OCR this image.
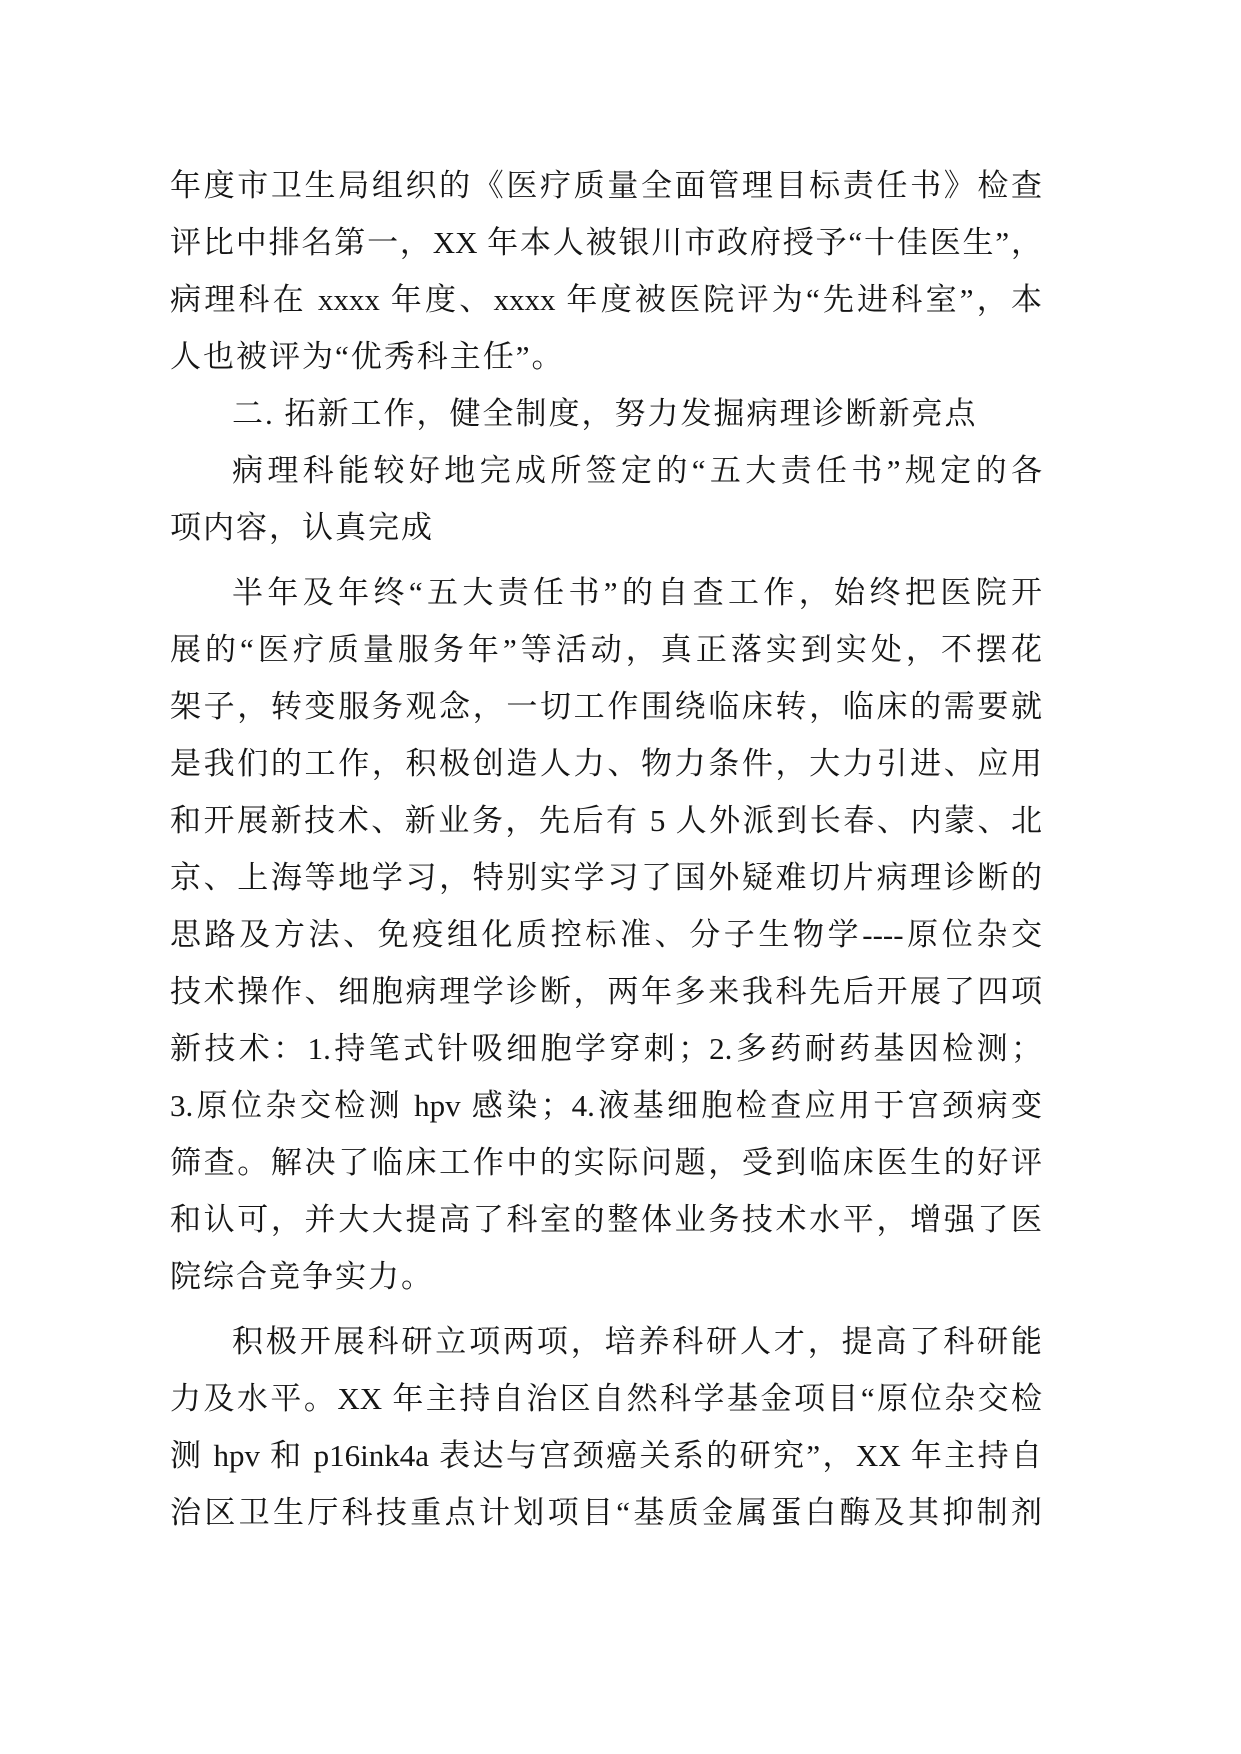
年度市卫生局组织的《医疗质量全面管理目标责任书》检查
评比中排名第一，XX 年本人被银川市政府授予“十佳医生”，
病理科在 xxxx 年度、xxxx 年度被医院评为“先进科室”，本
人也被评为“优秀科主任”。
二. 拓新工作，健全制度，努力发掘病理诊断新亮点
病理科能较好地完成所签定的“五大责任书”规定的各
项内容，认真完成
半年及年终“五大责任书”的自查工作，始终把医院开
展的“医疗质量服务年”等活动，真正落实到实处，不摆花
架子，转变服务观念，一切工作围绕临床转，临床的需要就
是我们的工作，积极创造人力、物力条件，大力引进、应用
和开展新技术、新业务，先后有 5 人外派到长春、内蒙、北
京、上海等地学习，特别实学习了国外疑难切片病理诊断的
思路及方法、免疫组化质控标准、分子生物学----原位杂交
技术操作、细胞病理学诊断，两年多来我科先后开展了四项
新技术：1.持笔式针吸细胞学穿刺；2.多药耐药基因检测；
3.原位杂交检测 hpv 感染；4.液基细胞检查应用于宫颈病变
筛查。解决了临床工作中的实际问题，受到临床医生的好评
和认可，并大大提高了科室的整体业务技术水平，增强了医
院综合竞争实力。
积极开展科研立项两项，培养科研人才，提高了科研能
力及水平。XX 年主持自治区自然科学基金项目“原位杂交检
测 hpv 和 p16ink4a 表达与宫颈癌关系的研究”，XX 年主持自
治区卫生厅科技重点计划项目“基质金属蛋白酶及其抑制剂
